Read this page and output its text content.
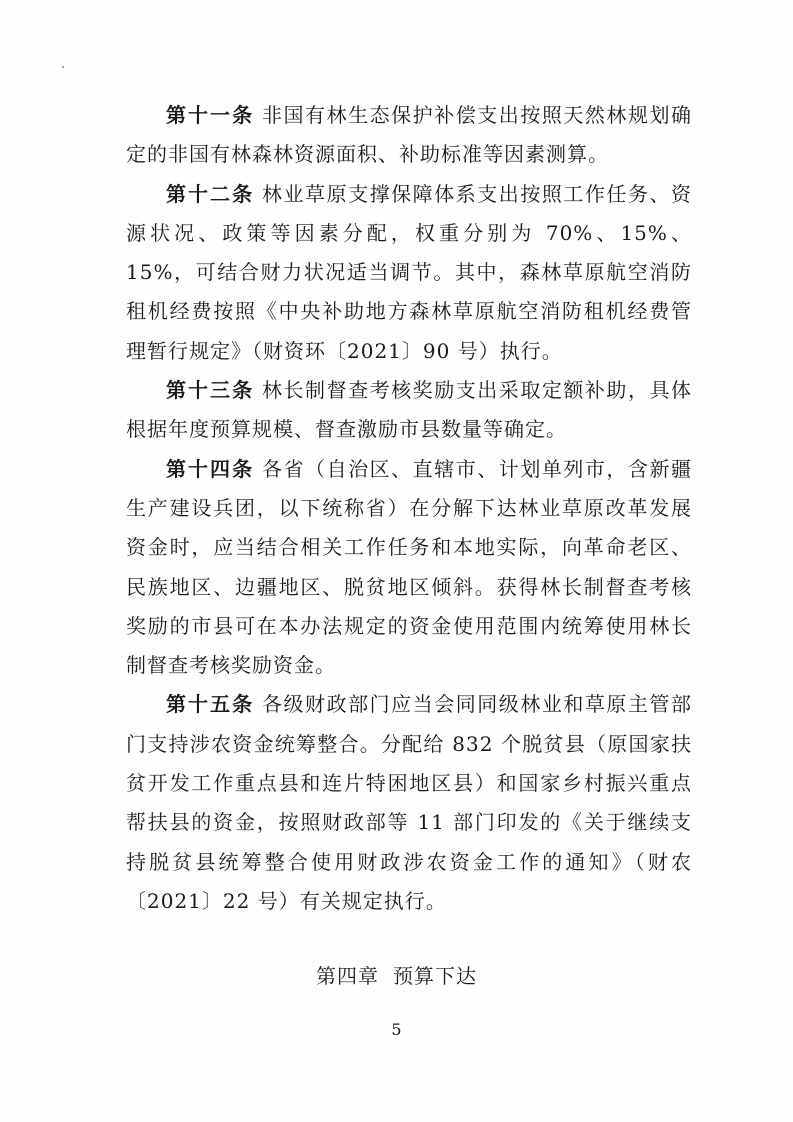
第十一条 非国有林生态保护补偿支出按照天然林规划确定的非国有林森林资源面积、补助标准等因素测算。

第十二条 林业草原支撑保障体系支出按照工作任务、资源状况、政策等因素分配，权重分别为 70%、15%、15%，可结合财力状况适当调节。其中，森林草原航空消防租机经费按照《中央补助地方森林草原航空消防租机经费管理暂行规定》（财资环〔2021〕90 号）执行。

第十三条 林长制督查考核奖励支出采取定额补助，具体根据年度预算规模、督查激励市县数量等确定。

第十四条 各省（自治区、直辖市、计划单列市，含新疆生产建设兵团，以下统称省）在分解下达林业草原改革发展资金时，应当结合相关工作任务和本地实际，向革命老区、民族地区、边疆地区、脱贫地区倾斜。获得林长制督查考核奖励的市县可在本办法规定的资金使用范围内统筹使用林长制督查考核奖励资金。

第十五条 各级财政部门应当会同同级林业和草原主管部门支持涉农资金统筹整合。分配给 832 个脱贫县（原国家扶贫开发工作重点县和连片特困地区县）和国家乡村振兴重点帮扶县的资金，按照财政部等 11 部门印发的《关于继续支持脱贫县统筹整合使用财政涉农资金工作的通知》（财农〔2021〕22 号）有关规定执行。

第四章 预算下达
5
